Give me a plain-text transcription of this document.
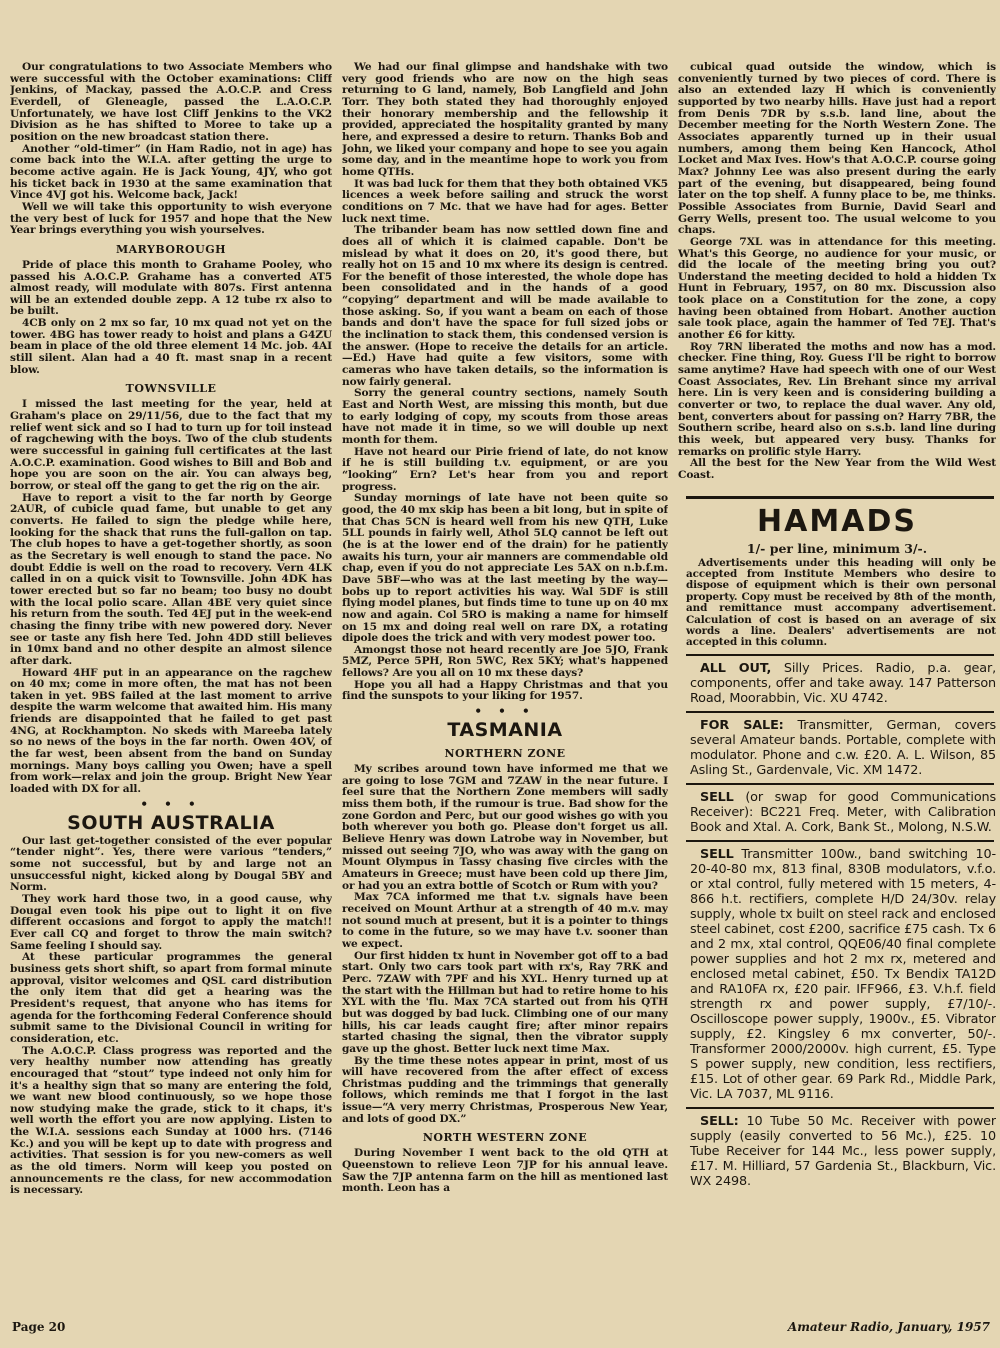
Our congratulations to two Associate Members who were successful with the October examinations: Cliff Jenkins, of Mackay, passed the A.O.C.P. and Cress Everdell, of Gleneagle, passed the L.A.O.C.P. Unfortunately, we have lost Cliff Jenkins to the VK2 Division as he has shifted to Moree to take up a position on the new broadcast station there.

Another “old-timer” (in Ham Radio, not in age) has come back into the W.I.A. after getting the urge to become active again. He is Jack Young, 4JY, who got his ticket back in 1930 at the same examination that Vince 4VJ got his. Welcome back, Jack!

Well we will take this opportunity to wish everyone the very best of luck for 1957 and hope that the New Year brings everything you wish yourselves.

MARYBOROUGH

Pride of place this month to Grahame Pooley, who passed his A.O.C.P. Grahame has a converted AT5 almost ready, will modulate with 807s. First antenna will be an extended double zepp. A 12 tube rx also to be built.

4CB only on 2 mx so far, 10 mx quad not yet on the tower. 4BG has tower ready to hoist and plans a G4ZU beam in place of the old three element 14 Mc. job. 4AI still silent. Alan had a 40 ft. mast snap in a recent blow.

TOWNSVILLE

I missed the last meeting for the year, held at Graham's place on 29/11/56, due to the fact that my relief went sick and so I had to turn up for toil instead of ragchewing with the boys. Two of the club students were successful in gaining full certificates at the last A.O.C.P. examination. Good wishes to Bill and Bob and hope you are soon on the air. You can always beg, borrow, or steal off the gang to get the rig on the air.

Have to report a visit to the far north by George 2AUR, of cubicle quad fame, but unable to get any converts. He failed to sign the pledge while here, looking for the shack that runs the full-gallon on tap. The club hopes to have a get-together shortly, as soon as the Secretary is well enough to stand the pace. No doubt Eddie is well on the road to recovery. Vern 4LK called in on a quick visit to Townsville. John 4DK has tower erected but so far no beam; too busy no doubt with the local polio scare. Allan 4BE very quiet since his return from the south. Ted 4EJ put in the week-end chasing the finny tribe with new powered dory. Never see or taste any fish here Ted. John 4DD still believes in 10mx band and no other despite an almost silence after dark.

Howard 4HF put in an appearance on the ragchew on 40 mx; come in more often, the mat has not been taken in yet. 9BS failed at the last moment to arrive despite the warm welcome that awaited him. His many friends are disappointed that he failed to get past 4NG, at Rockhampton. No skeds with Mareeba lately so no news of the boys in the far north. Owen 4OV, of the far west, been absent from the band on Sunday mornings. Many boys calling you Owen; have a spell from work—relax and join the group. Bright New Year loaded with DX for all.

• • •
SOUTH AUSTRALIA

Our last get-together consisted of the ever popular “tender night”. Yes, there were various “tenders,” some not successful, but by and large not an unsuccessful night, kicked along by Dougal 5BY and Norm.

They work hard those two, in a good cause, why Dougal even took his pipe out to light it on five different occasions and forgot to apply the match!! Ever call CQ and forget to throw the main switch? Same feeling I should say.

At these particular programmes the general business gets short shift, so apart from formal minute approval, visitor welcomes and QSL card distribution the only item that did get a hearing was the President's request, that anyone who has items for agenda for the forthcoming Federal Conference should submit same to the Divisional Council in writing for consideration, etc.

The A.O.C.P. Class progress was reported and the very healthy number now attending has greatly encouraged that “stout” type indeed not only him for it's a healthy sign that so many are entering the fold, we want new blood continuously, so we hope those now studying make the grade, stick to it chaps, it's well worth the effort you are now applying. Listen to the W.I.A. sessions each Sunday at 1000 hrs. (7146 Kc.) and you will be kept up to date with progress and activities. That session is for you new-comers as well as the old timers. Norm will keep you posted on announcements re the class, for new accommodation is necessary.

We had our final glimpse and handshake with two very good friends who are now on the high seas returning to G land, namely, Bob Langfield and John Torr. They both stated they had thoroughly enjoyed their honorary membership and the fellowship it provided, appreciated the hospitality granted by many here, and expressed a desire to return. Thanks Bob and John, we liked your company and hope to see you again some day, and in the meantime hope to work you from home QTHs.

It was bad luck for them that they both obtained VK5 licences a week before sailing and struck the worst conditions on 7 Mc. that we have had for ages. Better luck next time.

The tribander beam has now settled down fine and does all of which it is claimed capable. Don't be mislead by what it does on 20, it's good there, but really hot on 15 and 10 mx where its design is centred. For the benefit of those interested, the whole dope has been consolidated and in the hands of a good “copying” department and will be made available to those asking. So, if you want a beam on each of those bands and don't have the space for full sized jobs or the inclination to stack them, this condensed version is the answer. (Hope to receive the details for an article.—Ed.) Have had quite a few visitors, some with cameras who have taken details, so the information is now fairly general.

Sorry the general country sections, namely South East and North West, are missing this month, but due to early lodging of copy, my scouts from those areas have not made it in time, so we will double up next month for them.

Have not heard our Pirie friend of late, do not know if he is still building t.v. equipment, or are you “looking” Ern? Let's hear from you and report progress.

Sunday mornings of late have not been quite so good, the 40 mx skip has been a bit long, but in spite of that Chas 5CN is heard well from his new QTH, Luke 5LL pounds in fairly well, Athol 5LQ cannot be left out (he is at the lower end of the drain) for he patiently awaits his turn, your air manners are commendable old chap, even if you do not appreciate Les 5AX on n.b.f.m. Dave 5BF—who was at the last meeting by the way—bobs up to report activities his way. Wal 5DF is still flying model planes, but finds time to tune up on 40 mx now and again. Col 5RO is making a name for himself on 15 mx and doing real well on rare DX, a rotating dipole does the trick and with very modest power too.

Amongst those not heard recently are Joe 5JO, Frank 5MZ, Perce 5PH, Ron 5WC, Rex 5KY; what's happened fellows? Are you all on 10 mx these days?

Hope you all had a Happy Christmas and that you find the sunspots to your liking for 1957.

• • •
TASMANIA
NORTHERN ZONE

My scribes around town have informed me that we are going to lose 7GM and 7ZAW in the near future. I feel sure that the Northern Zone members will sadly miss them both, if the rumour is true. Bad show for the zone Gordon and Perc, but our good wishes go with you both wherever you both go. Please don't forget us all. Believe Henry was down Latrobe way in November, but missed out seeing 7JO, who was away with the gang on Mount Olympus in Tassy chasing five circles with the Amateurs in Greece; must have been cold up there Jim, or had you an extra bottle of Scotch or Rum with you?

Max 7CA informed me that t.v. signals have been received on Mount Arthur at a strength of 40 m.v. may not sound much at present, but it is a pointer to things to come in the future, so we may have t.v. sooner than we expect.

Our first hidden tx hunt in November got off to a bad start. Only two cars took part with rx's, Ray 7RK and Perc. 7ZAW with 7PF and his XYL. Henry turned up at the start with the Hillman but had to retire home to his XYL with the 'flu. Max 7CA started out from his QTH but was dogged by bad luck. Climbing one of our many hills, his car leads caught fire; after minor repairs started chasing the signal, then the vibrator supply gave up the ghost. Better luck next time Max.

By the time these notes appear in print, most of us will have recovered from the after effect of excess Christmas pudding and the trimmings that generally follows, which reminds me that I forgot in the last issue—“A very merry Christmas, Prosperous New Year, and lots of good DX.”

NORTH WESTERN ZONE

During November I went back to the old QTH at Queenstown to relieve Leon 7JP for his annual leave. Saw the 7JP antenna farm on the hill as mentioned last month. Leon has a

cubical quad outside the window, which is conveniently turned by two pieces of cord. There is also an extended lazy H which is conveniently supported by two nearby hills. Have just had a report from Denis 7DR by s.s.b. land line, about the December meeting for the North Western Zone. The Associates apparently turned up in their usual numbers, among them being Ken Hancock, Athol Locket and Max Ives. How's that A.O.C.P. course going Max? Johnny Lee was also present during the early part of the evening, but disappeared, being found later on the top shelf. A funny place to be, me thinks. Possible Associates from Burnie, David Searl and Gerry Wells, present too. The usual welcome to you chaps.

George 7XL was in attendance for this meeting. What's this George, no audience for your music, or did the locale of the meeting bring you out? Understand the meeting decided to hold a hidden Tx Hunt in February, 1957, on 80 mx. Discussion also took place on a Constitution for the zone, a copy having been obtained from Hobart. Another auction sale took place, again the hammer of Ted 7EJ. That's another £6 for kitty.

Roy 7RN liberated the moths and now has a mod. checker. Fine thing, Roy. Guess I'll be right to borrow same anytime? Have had speech with one of our West Coast Associates, Rev. Lin Brehant since my arrival here. Lin is very keen and is considering building a converter or two, to replace the dual waver. Any old, bent, converters about for passing on? Harry 7BR, the Southern scribe, heard also on s.s.b. land line during this week, but appeared very busy. Thanks for remarks on prolific style Harry.

All the best for the New Year from the Wild West Coast.

HAMADS
1/- per line, minimum 3/-.

Advertisements under this heading will only be accepted from Institute Members who desire to dispose of equipment which is their own personal property. Copy must be received by 8th of the month, and remittance must accompany advertisement. Calculation of cost is based on an average of six words a line. Dealers' advertisements are not accepted in this column.

ALL OUT, Silly Prices. Radio, p.a. gear, components, offer and take away. 147 Patterson Road, Moorabbin, Vic. XU 4742.

FOR SALE: Transmitter, German, covers several Amateur bands. Portable, complete with modulator. Phone and c.w. £20. A. L. Wilson, 85 Asling St., Gardenvale, Vic. XM 1472.

SELL (or swap for good Communications Receiver): BC221 Freq. Meter, with Calibration Book and Xtal. A. Cork, Bank St., Molong, N.S.W.

SELL Transmitter 100w., band switching 10-20-40-80 mx, 813 final, 830B modulators, v.f.o. or xtal control, fully metered with 15 meters, 4-866 h.t. rectifiers, complete H/D 24/30v. relay supply, whole tx built on steel rack and enclosed steel cabinet, cost £200, sacrifice £75 cash. Tx 6 and 2 mx, xtal control, QQE06/40 final complete power supplies and hot 2 mx rx, metered and enclosed metal cabinet, £50. Tx Bendix TA12D and RA10FA rx, £20 pair. IFF966, £3. V.h.f. field strength rx and power supply, £7/10/-. Oscilloscope power supply, 1900v., £5. Vibrator supply, £2. Kingsley 6 mx converter, 50/-. Transformer 2000/2000v. high current, £5. Type S power supply, new condition, less rectifiers, £15. Lot of other gear. 69 Park Rd., Middle Park, Vic. LA 7037, ML 9116.

SELL: 10 Tube 50 Mc. Receiver with power supply (easily converted to 56 Mc.), £25. 10 Tube Receiver for 144 Mc., less power supply, £17. M. Hilliard, 57 Gardenia St., Blackburn, Vic. WX 2498.

Page 20	Amateur Radio, January, 1957
